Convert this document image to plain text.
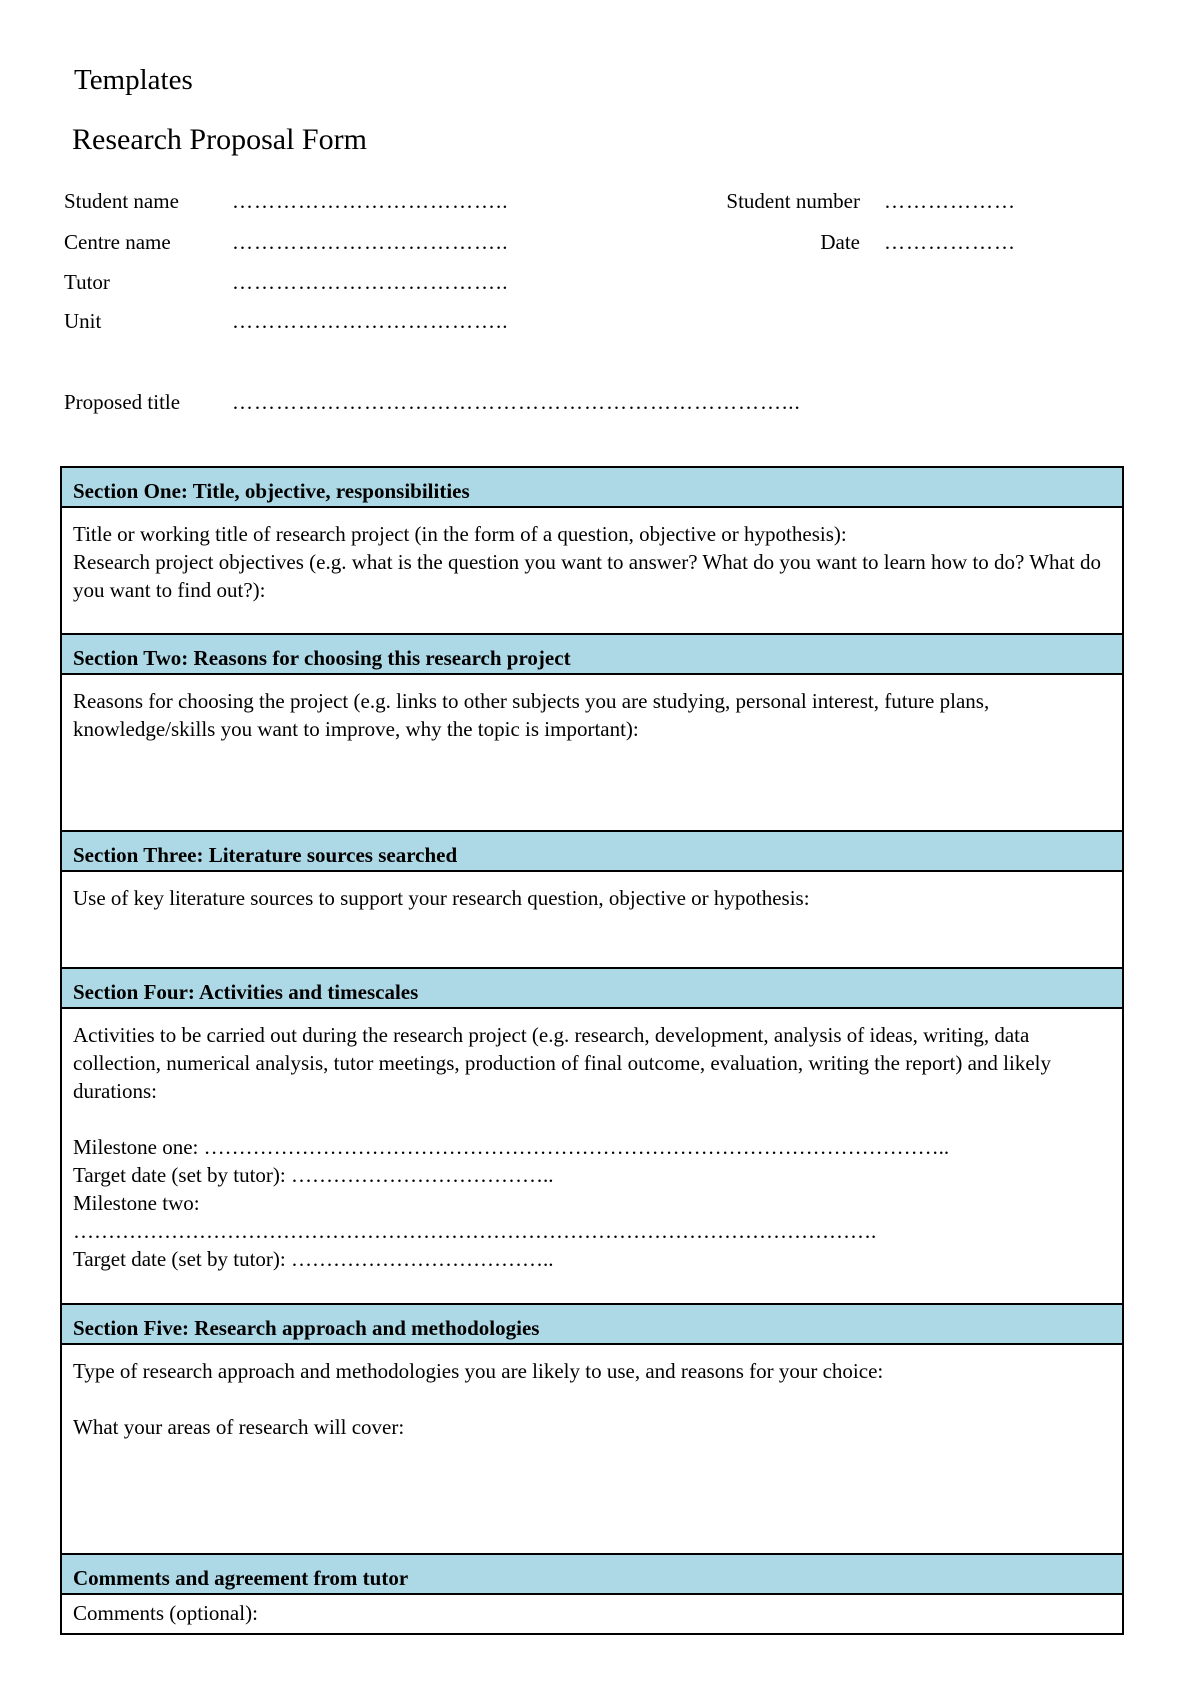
Templates
Research Proposal Form
Student name	………………………………..	Student number ………………
Centre name	………………………………..	Date ………………
Tutor	………………………………..
Unit	………………………………..
Proposed title …………………………………………………………………...
Section One: Title, objective, responsibilities
Title or working title of research project (in the form of a question, objective or hypothesis):
Research project objectives (e.g. what is the question you want to answer? What do you want to learn how to do? What do you want to find out?):
Section Two: Reasons for choosing this research project
Reasons for choosing the project (e.g. links to other subjects you are studying, personal interest, future plans, knowledge/skills you want to improve, why the topic is important):
Section Three: Literature sources searched
Use of key literature sources to support your research question, objective or hypothesis:
Section Four: Activities and timescales
Activities to be carried out during the research project (e.g. research, development, analysis of ideas, writing, data collection, numerical analysis, tutor meetings, production of final outcome, evaluation, writing the report) and likely durations:
Milestone one: ……………………………………………………………………………………………..
Target date (set by tutor): ………………………………..
Milestone two:
…………………………………………………………………………………………………….
Target date (set by tutor): ………………………………..
Section Five: Research approach and methodologies
Type of research approach and methodologies you are likely to use, and reasons for your choice:
What your areas of research will cover:
Comments and agreement from tutor
Comments (optional):
